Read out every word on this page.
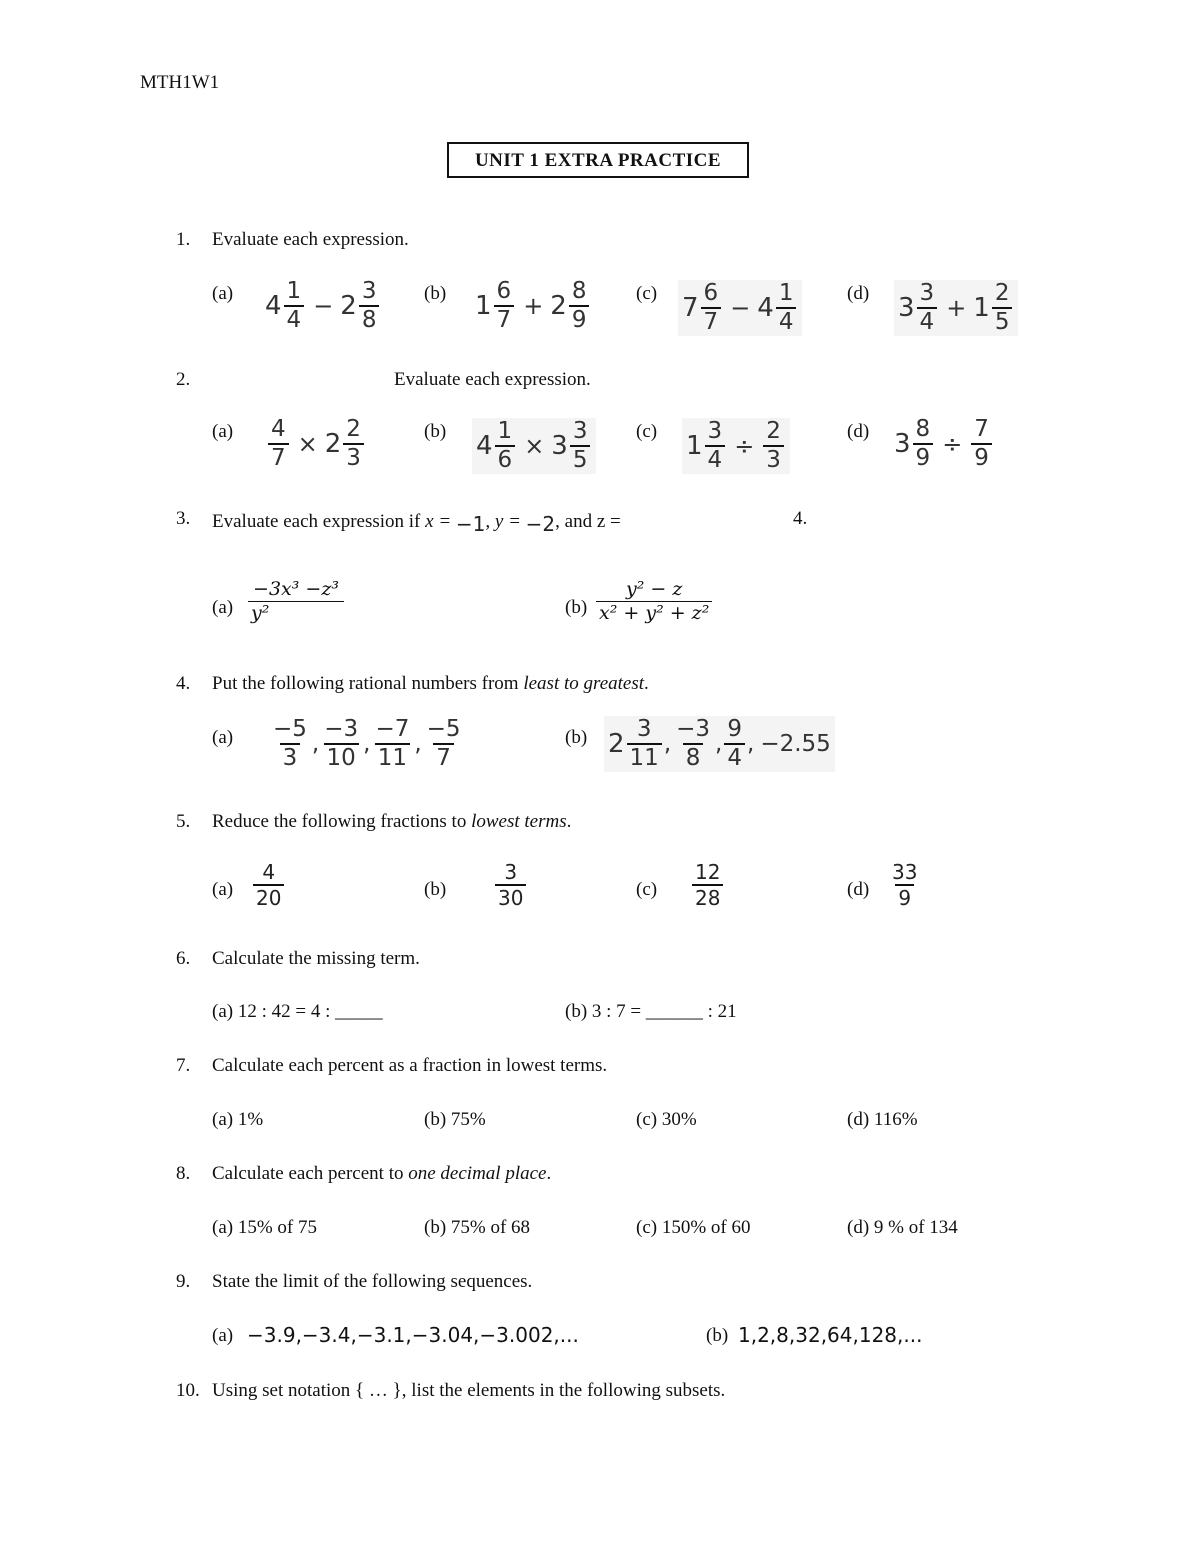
MTH1W1
UNIT 1 EXTRA PRACTICE
1. Evaluate each expression.
(a) $4 \frac{1}{4} - 2 \frac{3}{8} (b)$ $1 \frac{6}{7} + 2 \frac{8}{9} (c)$ $7 \frac{6}{7} - 4 \frac{1}{4}$	(d) $3 \frac{3}{4} + 1 \frac{2}{5}$
2.	Evaluate each expression.
$(a) \frac{4}{7} \times 2 \frac{2}{3}$	(b) $4 \frac{1}{6} \times 3 \frac{3}{5} (c)$ $1 \frac{3}{4} \div \frac{2}{3}$	(d) $3 \frac{8}{9} \div \frac{7}{9}$
3. Evaluate each expression if x = −1, y = −2, and z =	4.
$(a) \frac{\text{−3x³ −z³}}{\text{y²}}$	$(b) \frac{\text{y² − z}}{\text{x² + y² + z²}}$
4. Put the following rational numbers from least to greatest.
$(a) \frac{-5}{3}$ , $\frac{-3}{10}$ , $\frac{-7}{11}$ , $\frac{-5}{7}$	(b) $2 \frac{3}{11}$ , $\frac{-3}{8}$ , $\frac{9}{4}$ , −2.55
5. Reduce the following fractions to lowest terms.
$(a) \frac{4}{20}$	$(b) \frac{3}{30}$	$(c) \frac{12}{28}$	$(d) \frac{33}{9}$
6. Calculate the missing term.
(a) 12 : 42 = 4 : _____	(b) 3 : 7 = ______ : 21
7. Calculate each percent as a fraction in lowest terms.
(a) 1%	(b) 75%	(c) 30%	(d) 116%
8. Calculate each percent to one decimal place.
(a) 15% of 75	(b) 75% of 68	(c) 150% of 60	(d) 9 % of 134
9. State the limit of the following sequences.
(a) −3.9,−3.4,−3.1,−3.04,−3.002,...	(b) 1,2,8,32,64,128,...
10. Using set notation { … }, list the elements in the following subsets.
